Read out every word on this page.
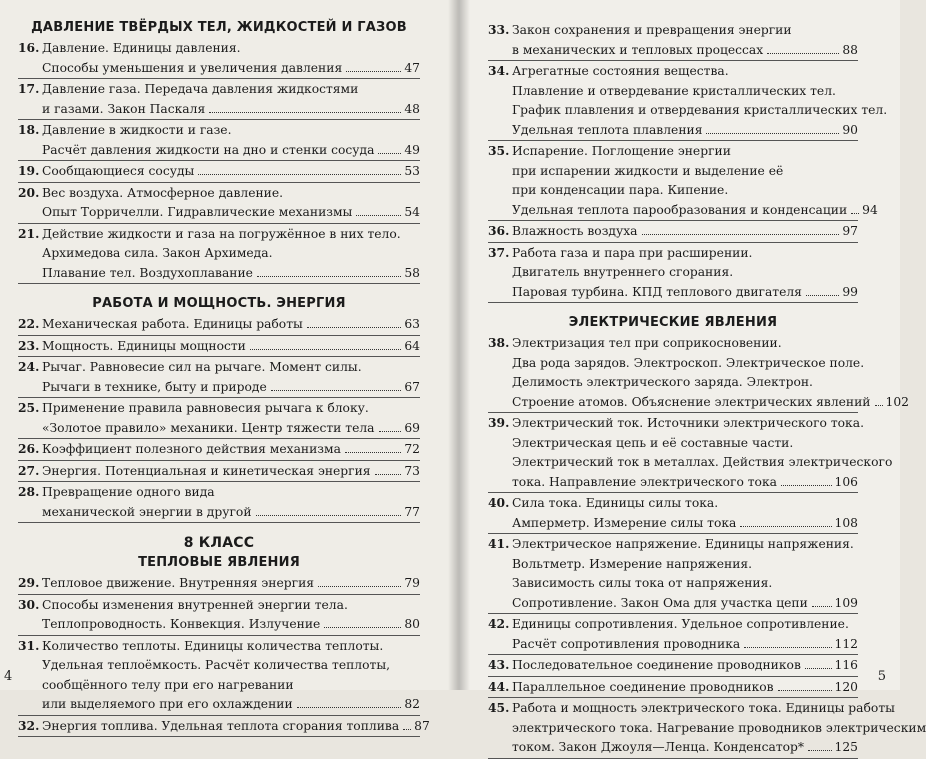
ДАВЛЕНИЕ ТВЁРДЫХ ТЕЛ, ЖИДКОСТЕЙ И ГАЗОВ
16. Давление. Единицы давления.
Способы уменьшения и увеличения давления	47
17. Давление газа. Передача давления жидкостями
и газами. Закон Паскаля	48
18. Давление в жидкости и газе.
Расчёт давления жидкости на дно и стенки сосуда 49
19. Сообщающиеся сосуды	53
20. Вес воздуха. Атмосферное давление.
Опыт Торричелли. Гидравлические механизмы	54
21. Действие жидкости и газа на погружённое в них тело.
Архимедова сила. Закон Архимеда.
Плавание тел. Воздухоплавание	58
РАБОТА И МОЩНОСТЬ. ЭНЕРГИЯ
22. Механическая работа. Единицы работы	63
23. Мощность. Единицы мощности	64
24. Рычаг. Равновесие сил на рычаге. Момент силы.
Рычаги в технике, быту и природе	67
25. Применение правила равновесия рычага к блоку.
«Золотое правило» механики. Центр тяжести тела 69
26. Коэффициент полезного действия механизма	72
27. Энергия. Потенциальная и кинетическая энергия	73
28. Превращение одного вида
механической энергии в другой	77
8 КЛАСС
ТЕПЛОВЫЕ ЯВЛЕНИЯ
29. Тепловое движение. Внутренняя энергия	79
30. Способы изменения внутренней энергии тела.
Теплопроводность. Конвекция. Излучение	80
31. Количество теплоты. Единицы количества теплоты.
Удельная теплоёмкость. Расчёт количества теплоты,
сообщённого телу при его нагревании
или выделяемого при его охлаждении	82
32. Энергия топлива. Удельная теплота сгорания топлива 87
4
33. Закон сохранения и превращения энергии
в механических и тепловых процессах	88
34. Агрегатные состояния вещества.
Плавление и отвердевание кристаллических тел.
График плавления и отвердевания кристаллических тел.
Удельная теплота плавления	90
35. Испарение. Поглощение энергии
при испарении жидкости и выделение её
при конденсации пара. Кипение.
Удельная теплота парообразования и конденсации 94
36. Влажность воздуха	97
37. Работа газа и пара при расширении.
Двигатель внутреннего сгорания.
Паровая турбина. КПД теплового двигателя	99
ЭЛЕКТРИЧЕСКИЕ ЯВЛЕНИЯ
38. Электризация тел при соприкосновении.
Два рода зарядов. Электроскоп. Электрическое поле.
Делимость электрического заряда. Электрон.
Строение атомов. Объяснение электрических явлений 102
39. Электрический ток. Источники электрического тока.
Электрическая цепь и её составные части.
Электрический ток в металлах. Действия электрического
тока. Направление электрического тока	106
40. Сила тока. Единицы силы тока.
Амперметр. Измерение силы тока	108
41. Электрическое напряжение. Единицы напряжения.
Вольтметр. Измерение напряжения.
Зависимость силы тока от напряжения.
Сопротивление. Закон Ома для участка цепи 109
42. Единицы сопротивления. Удельное сопротивление.
Расчёт сопротивления проводника	112
43. Последовательное соединение проводников	116
44. Параллельное соединение проводников	120
45. Работа и мощность электрического тока. Единицы работы
электрического тока. Нагревание проводников электрическим
током. Закон Джоуля—Ленца. Конденсатор* 125
5
